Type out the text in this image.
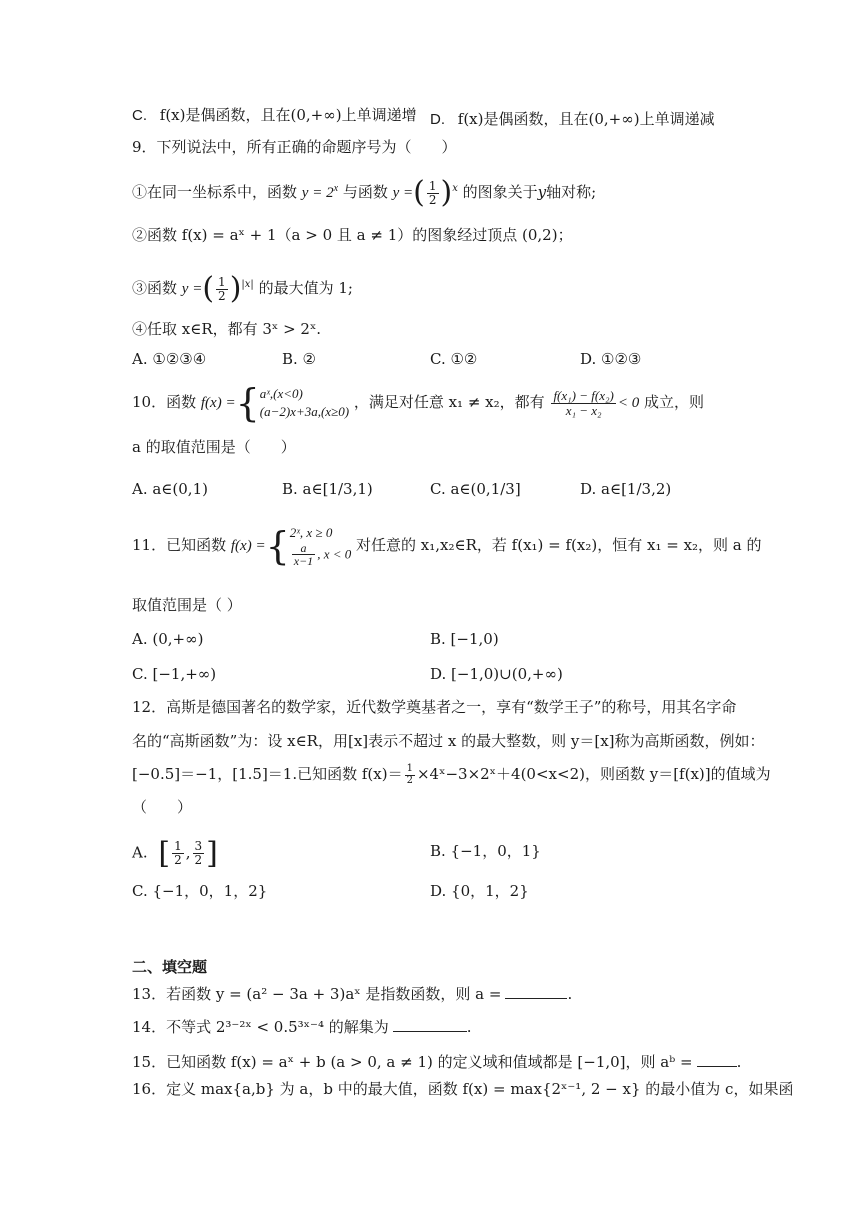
C. f(x)是偶函数，且在(0,+∞)上单调递增 D. f(x)是偶函数，且在(0,+∞)上单调递减
9．下列说法中，所有正确的命题序号为（　　）
①在同一坐标系中，函数 $y = 2^x$ 与函数 y =( $\frac{1}{2} )^x$ 的图象关于y轴对称;
②函数 f(x) = aˣ + 1（a > 0 且 a ≠ 1）的图象经过顶点 (0,2)；
③函数 y =( $\frac{1}{2} )^{|x|}$ 的最大值为 1;
④任取 x∈R，都有 3ˣ > 2ˣ.
A. ①②③④	B. ②	C. ①②	D. ①②③
10．函数 f(x) ={ aˣ,(x<0)
(a−2)x+3a,(x≥0)
，满足对任意 x₁ ≠ x₂，都有 $\frac{\text{f(x₁) − f(x₂)}}{\text{x₁ − x₂}} < 0$ 成立，则
a 的取值范围是（　　）
A. a∈(0,1)	B. a∈[1/3,1)	C. a∈(0,1/3]	D. a∈[1/3,2)
11．已知函数 f(x) ={ 2ˣ, x ≥ 0
$\frac{a}{x-1}$ , x < 0 对任意的 x₁,x₂∈R，若 f(x₁) = f(x₂)，恒有 x₁ = x₂，则 a 的
取值范围是（ ）
A. (0,+∞)	B. [−1,0)
C. [−1,+∞)	D. [−1,0)∪(0,+∞)
12．高斯是德国著名的数学家，近代数学奠基者之一，享有“数学王子”的称号，用其名字命
名的“高斯函数”为：设 x∈R，用[x]表示不超过 x 的最大整数，则 y＝[x]称为高斯函数，例如：
[−0.5]＝−1，[1.5]＝1.已知函数 $f(x)= \frac{1}{2}$ ×4ˣ−3×2ˣ＋4(0<x<2)，则函数 y＝[f(x)]的值域为
（　　）
A. [ $\frac{1}{2}$ , $\frac{3}{2}$ ]	B. {−1，0，1}
C. {−1，0，1，2}	D. {0，1，2}
二、填空题
13．若函数 y = (a² − 3a + 3)aˣ 是指数函数，则 a =	.
14．不等式 2³⁻²ˣ < 0.5³ˣ⁻⁴ 的解集为	.
15．已知函数 f(x) = aˣ + b (a > 0, a ≠ 1) 的定义域和值域都是 [−1,0]，则 aᵇ =	.
16．定义 max{a,b} 为 a，b 中的最大值，函数 f(x) = max{2ˣ⁻¹, 2 − x} 的最小值为 c，如果函
